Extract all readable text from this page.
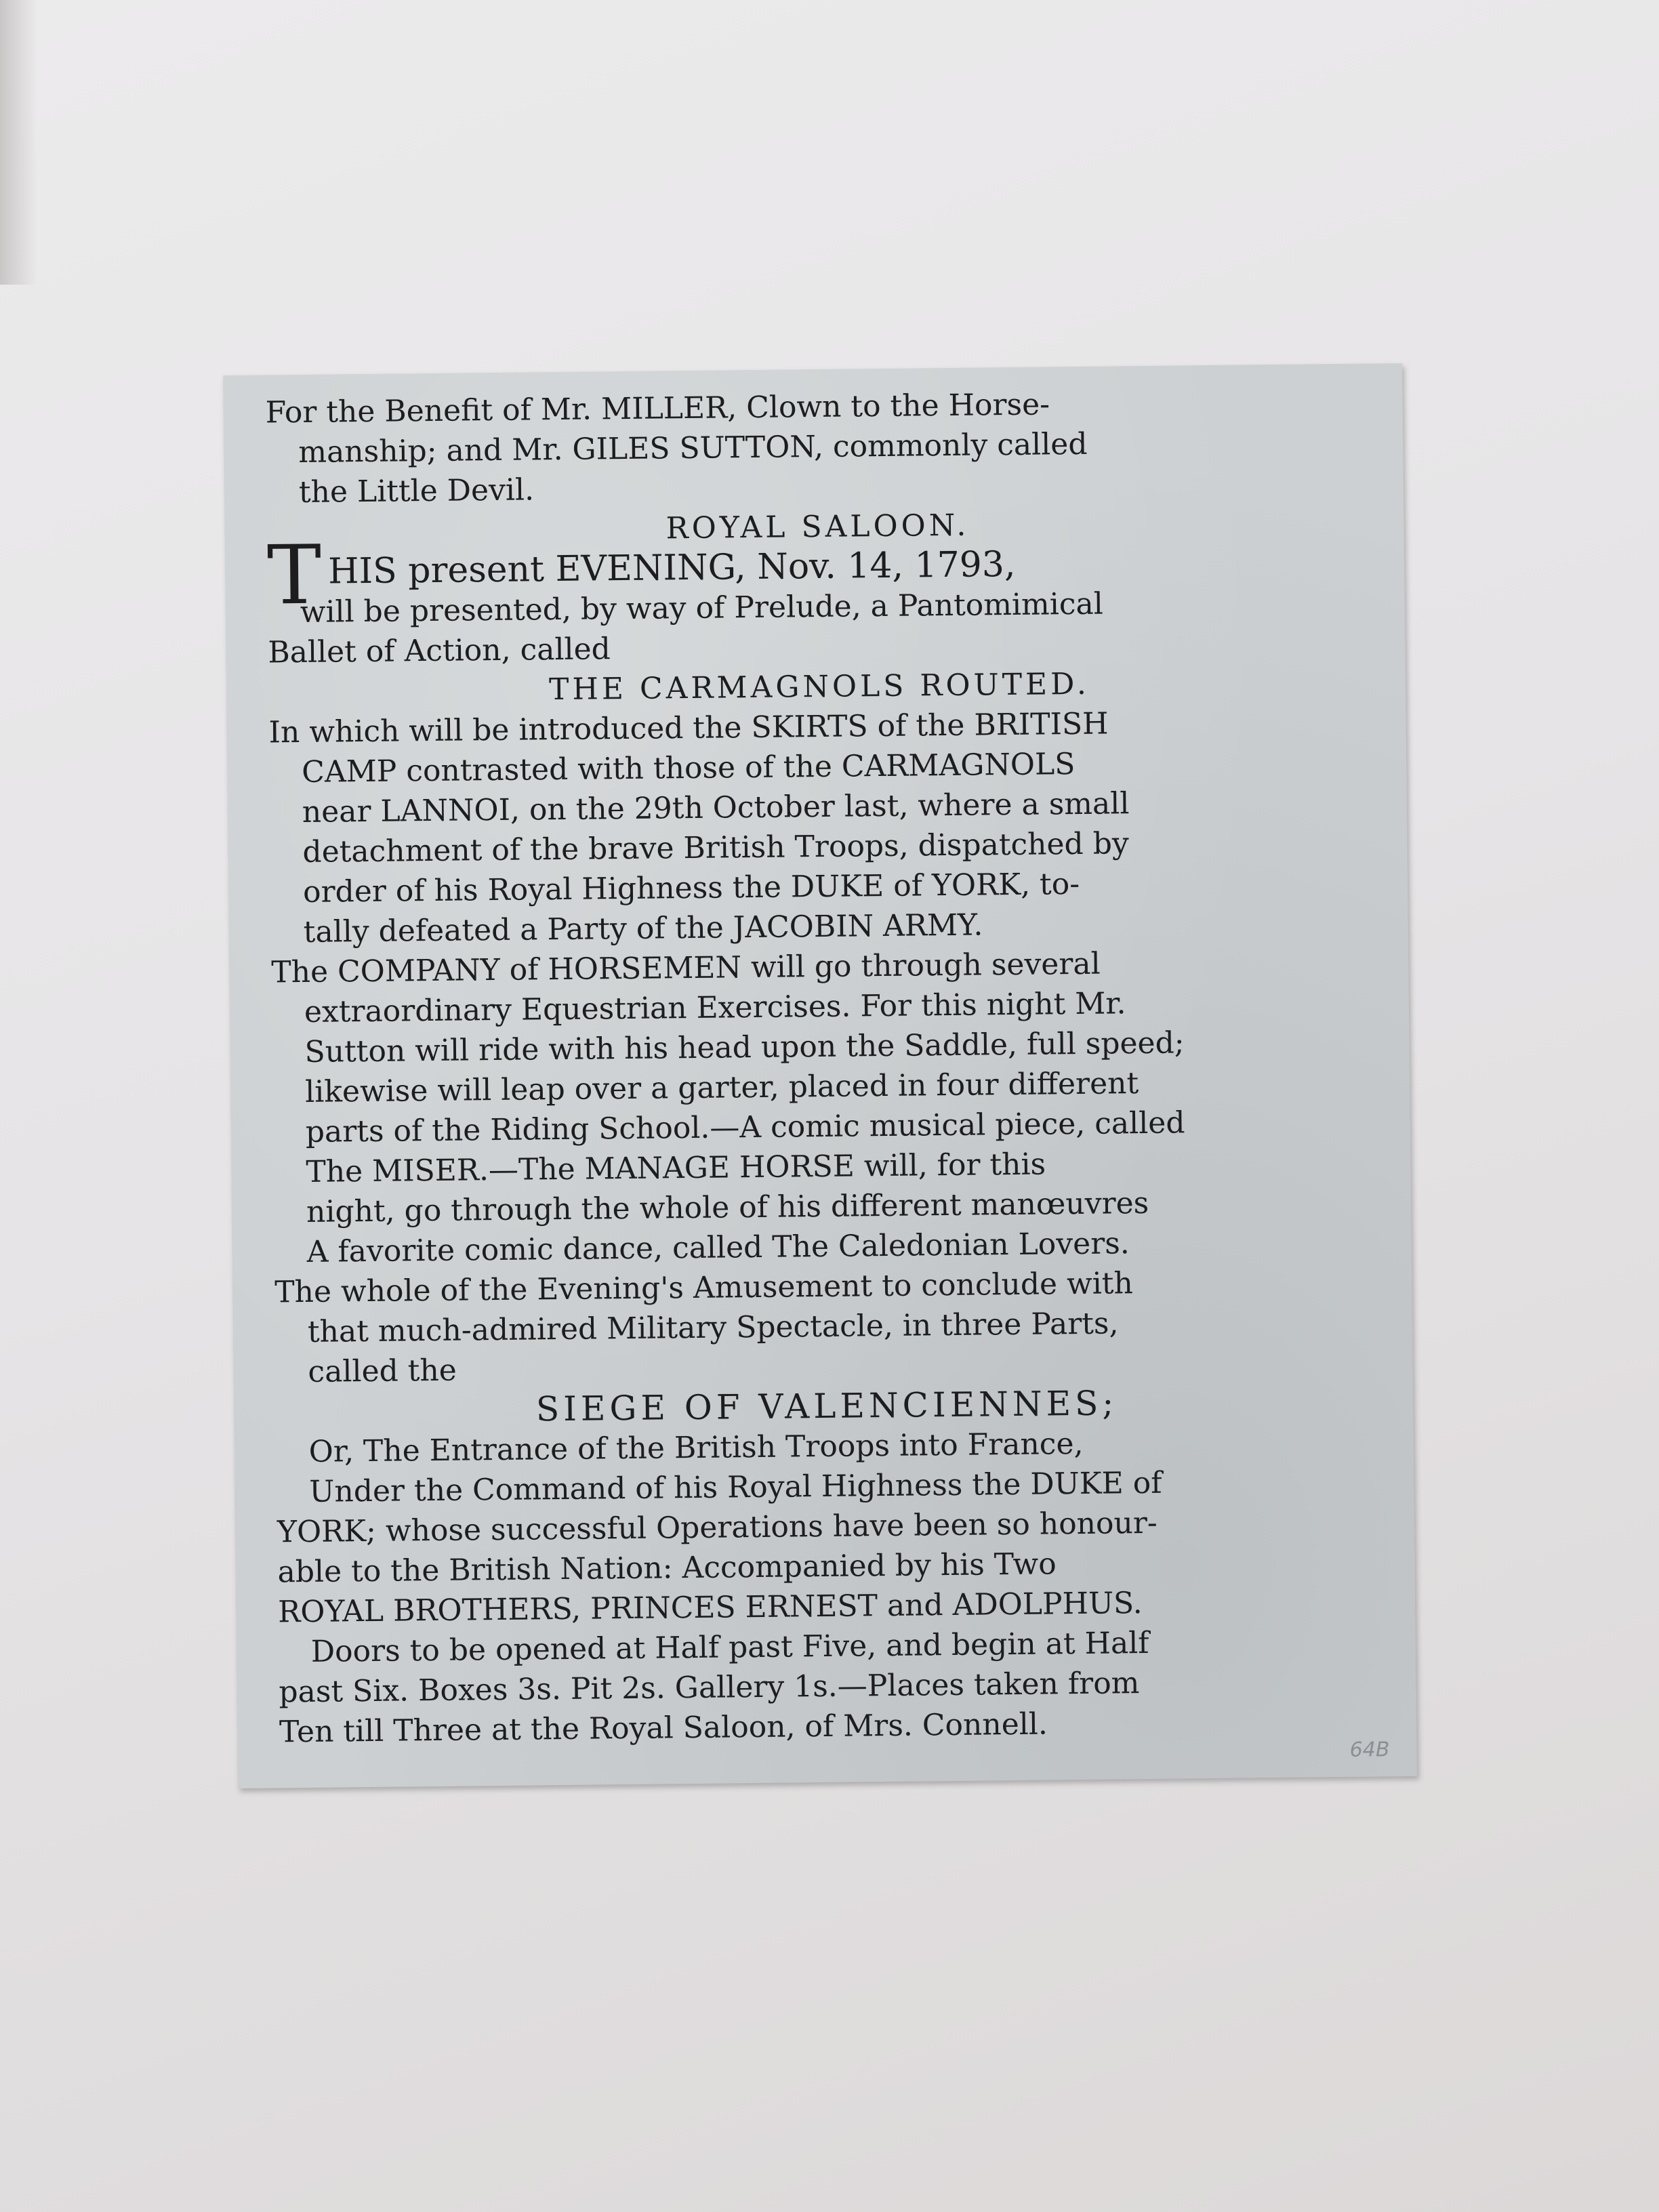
For the Benefit of Mr. MILLER, Clown to the Horse-

manship; and Mr. GILES SUTTON, commonly called

the Little Devil.

ROYAL SALOON.

THIS present EVENING, Nov. 14, 1793,

will be presented, by way of Prelude, a Pantomimical

Ballet of Action, called

THE CARMAGNOLS ROUTED.

In which will be introduced the SKIRTS of the BRITISH

CAMP contrasted with those of the CARMAGNOLS

near LANNOI, on the 29th October last, where a small

detachment of the brave British Troops, dispatched by

order of his Royal Highness the DUKE of YORK, to-

tally defeated a Party of the JACOBIN ARMY.

The COMPANY of HORSEMEN will go through several

extraordinary Equestrian Exercises. For this night Mr.

Sutton will ride with his head upon the Saddle, full speed;

likewise will leap over a garter, placed in four different

parts of the Riding School.—A comic musical piece, called

The MISER.—The MANAGE HORSE will, for this

night, go through the whole of his different manœuvres

A favorite comic dance, called The Caledonian Lovers.

The whole of the Evening's Amusement to conclude with

that much-admired Military Spectacle, in three Parts,

called the

SIEGE OF VALENCIENNES;

Or, The Entrance of the British Troops into France,

Under the Command of his Royal Highness the DUKE of

YORK; whose successful Operations have been so honour-

able to the British Nation: Accompanied by his Two

ROYAL BROTHERS, PRINCES ERNEST and ADOLPHUS.

Doors to be opened at Half past Five, and begin at Half

past Six. Boxes 3s. Pit 2s. Gallery 1s.—Places taken from

Ten till Three at the Royal Saloon, of Mrs. Connell.

64B
